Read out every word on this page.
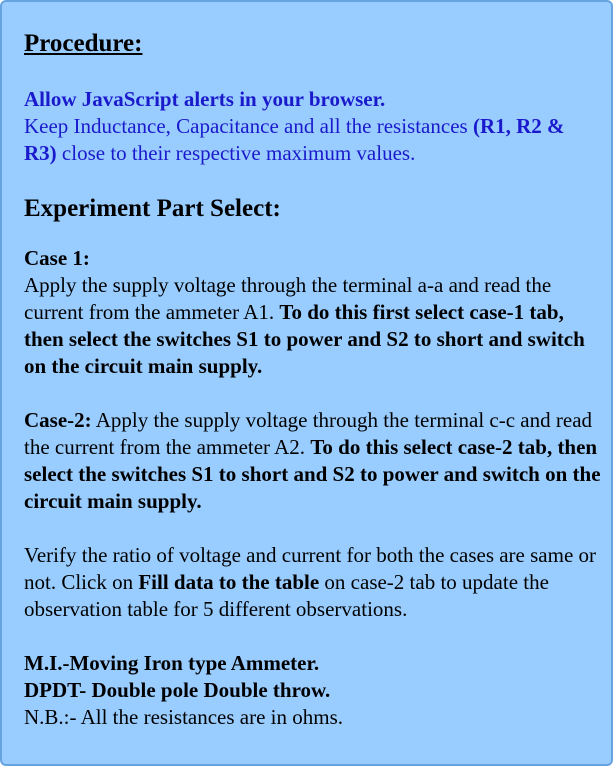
Procedure:

Allow JavaScript alerts in your browser.
Keep Inductance, Capacitance and all the resistances (R1, R2 & R3) close to their respective maximum values.

Experiment Part Select:

Case 1:
Apply the supply voltage through the terminal a-a and read the current from the ammeter A1. To do this first select case-1 tab, then select the switches S1 to power and S2 to short and switch on the circuit main supply.

Case-2: Apply the supply voltage through the terminal c-c and read the current from the ammeter A2. To do this select case-2 tab, then select the switches S1 to short and S2 to power and switch on the circuit main supply.

Verify the ratio of voltage and current for both the cases are same or not. Click on Fill data to the table on case-2 tab to update the observation table for 5 different observations.

M.I.-Moving Iron type Ammeter.
DPDT- Double pole Double throw.
N.B.:- All the resistances are in ohms.
